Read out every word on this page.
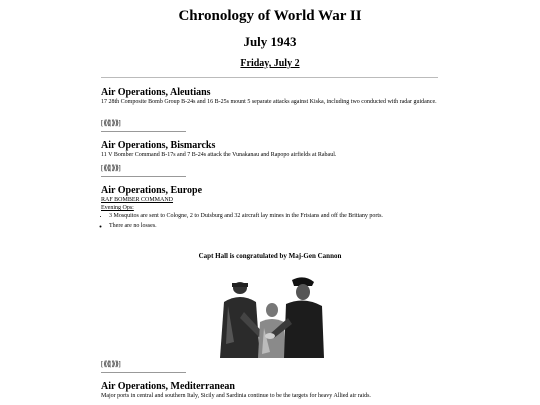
Chronology of World War II
July 1943
Friday, July 2
Air Operations, Aleutians

17 28th Composite Bomb Group B-24s and 16 B-25s mount 5 separate attacks against Kiska, including two conducted with radar guidance.

[⟪⟪|⟫⟫]
Air Operations, Bismarcks

11 V Bomber Command B-17s and 7 B-24s attack the Vunakanau and Rapopo airfields at Rabaul.

[⟪⟪|⟫⟫]
Air Operations, Europe
RAF BOMBER COMMAND
Evening Ops:
• 3 Mosquitos are sent to Cologne, 2 to Duisburg and 32 aircraft lay mines in the Frisians and off the Brittany ports.
◦ There are no losses.
Capt Hall is congratulated by Maj-Gen Cannon
[⟪⟪|⟫⟫]
Air Operations, Mediterranean

Major ports in central and southern Italy, Sicily and Sardinia continue to be the targets for heavy Allied air raids.
